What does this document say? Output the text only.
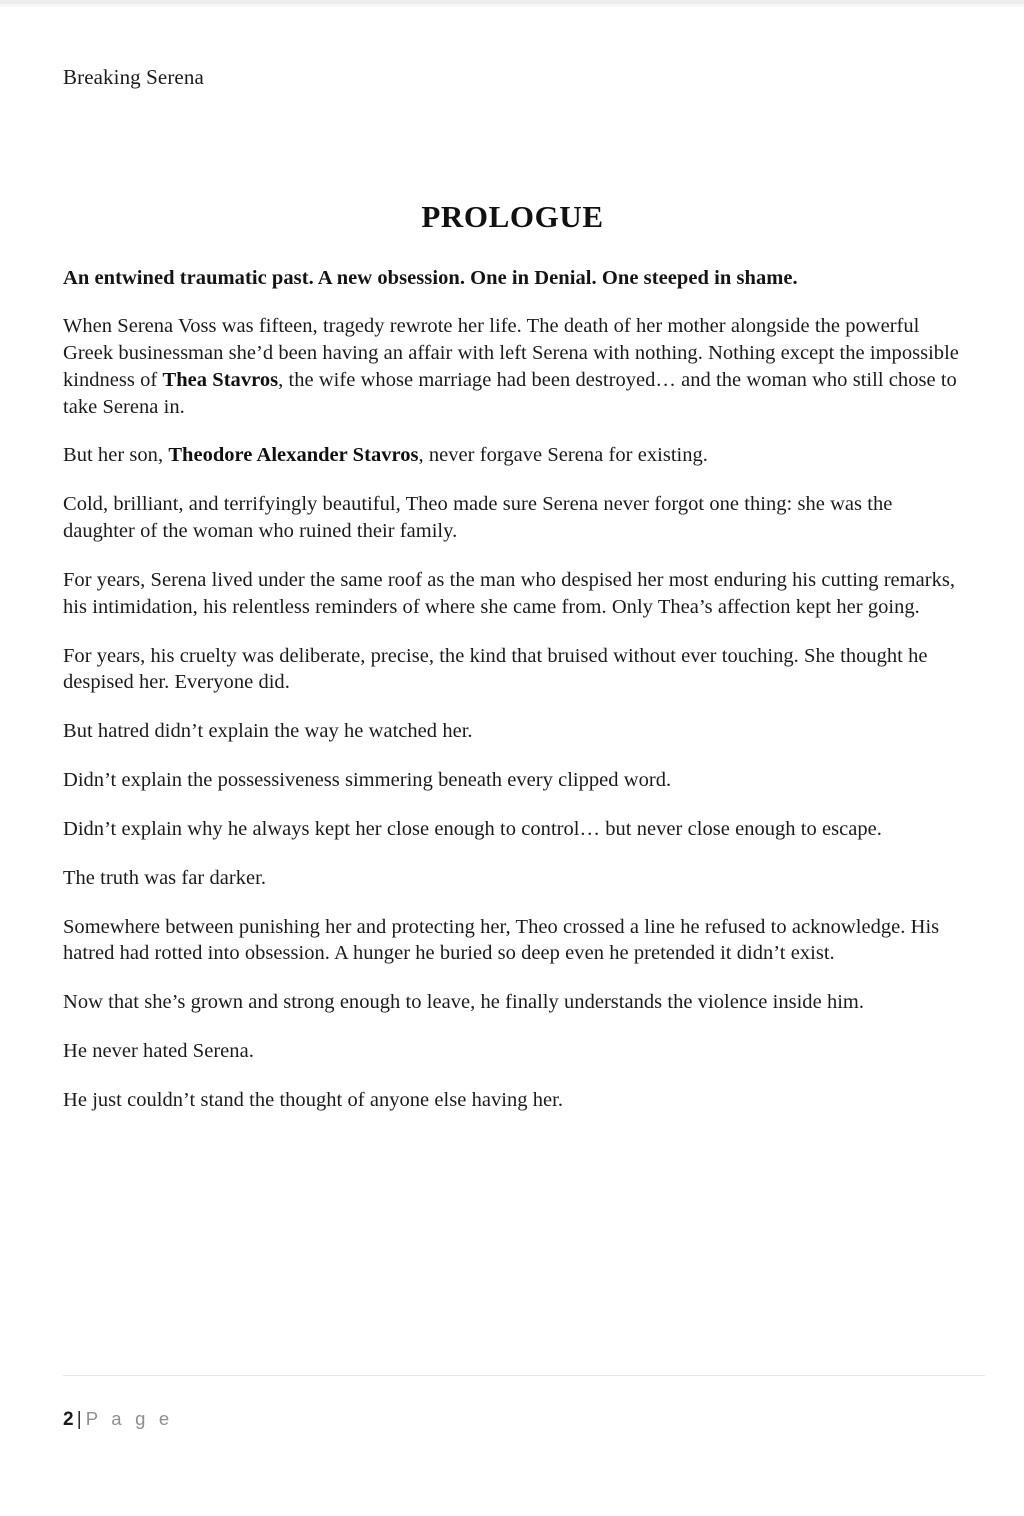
Breaking Serena
PROLOGUE

An entwined traumatic past. A new obsession. One in Denial. One steeped in shame.

When Serena Voss was fifteen, tragedy rewrote her life. The death of her mother alongside the powerful Greek businessman she’d been having an affair with left Serena with nothing. Nothing except the impossible kindness of Thea Stavros, the wife whose marriage had been destroyed… and the woman who still chose to take Serena in.

But her son, Theodore Alexander Stavros, never forgave Serena for existing.

Cold, brilliant, and terrifyingly beautiful, Theo made sure Serena never forgot one thing: she was the daughter of the woman who ruined their family.

For years, Serena lived under the same roof as the man who despised her most enduring his cutting remarks, his intimidation, his relentless reminders of where she came from. Only Thea’s affection kept her going.

For years, his cruelty was deliberate, precise, the kind that bruised without ever touching. She thought he despised her. Everyone did.

But hatred didn’t explain the way he watched her.

Didn’t explain the possessiveness simmering beneath every clipped word.

Didn’t explain why he always kept her close enough to control… but never close enough to escape.

The truth was far darker.

Somewhere between punishing her and protecting her, Theo crossed a line he refused to acknowledge. His hatred had rotted into obsession. A hunger he buried so deep even he pretended it didn’t exist.

Now that she’s grown and strong enough to leave, he finally understands the violence inside him.

He never hated Serena.

He just couldn’t stand the thought of anyone else having her.

2 | P a g e
